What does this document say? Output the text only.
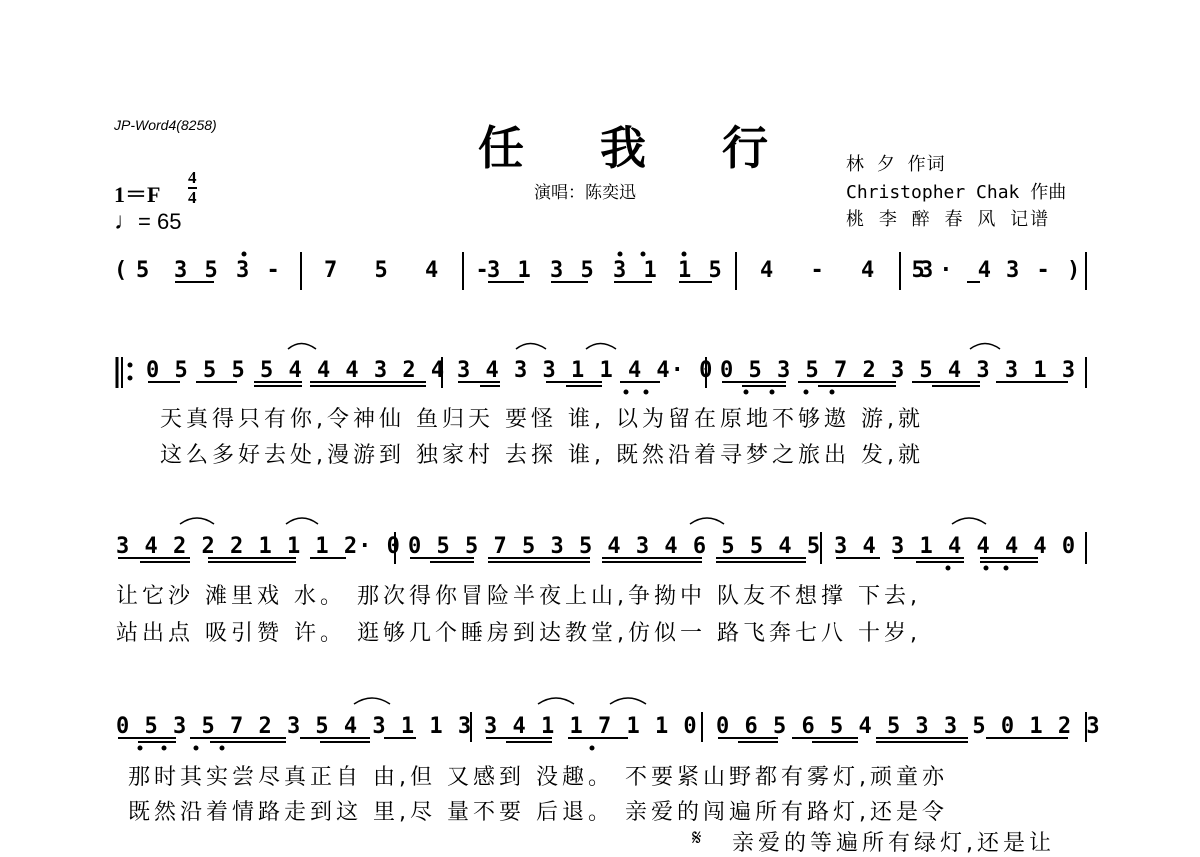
JP-Word4(8258)	任 我 行
演唱：陈奕迅
林 夕 作词
Christopher Chak 作曲
桃 李 醉 春 风 记谱
1＝F
4
4
♩= 65
( 5 3 5 3 - 7 5 4 -
3 1 3 5 3 1 1 5 4 - 4 5
3· 4 3 - )
0 5 5 5 5 4 4 4 3 2 4 3 4 3 3 1 1 4 4· 0 0 5 3 5 7 2 3 5 4 3 3 1 3
天真得只有你,令神仙 鱼归天 要怪 谁, 以为留在原地不够遨 游,就
这么多好去处,漫游到 独家村 去探 谁, 既然沿着寻梦之旅出 发,就
3 4 2 2 2 1 1 1 2· 0 0 5 5 7 5 3 5 4 3 4 6 5 5 4 5 3 4 3 1 4 4 4 4 0
让它沙 滩里戏 水。 那次得你冒险半夜上山,争拗中 队友不想撑 下去,
站出点 吸引赞 许。 逛够几个睡房到达教堂,仿似一 路飞奔七八 十岁,
0 5 3 5 7 2 3 5 4 3 1 1 3 3 4 1 1 7 1 1 0 0 6 5 6 5 4 5 3 3 5 0 1 2 3
那时其实尝尽真正自 由,但 又感到 没趣。 不要紧山野都有雾灯,顽童亦
既然沿着情路走到这 里,尽 量不要 后退。 亲爱的闯遍所有路灯,还是令
𝄋 亲爱的等遍所有绿灯,还是让
